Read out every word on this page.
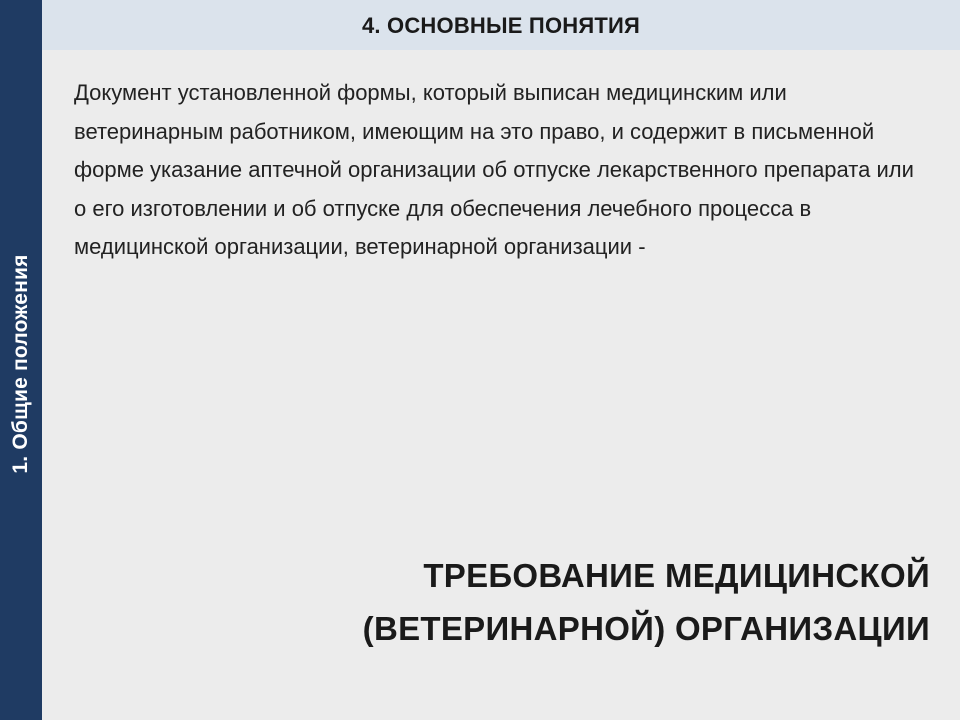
1. Общие положения
4. ОСНОВНЫЕ ПОНЯТИЯ

Документ установленной формы, который выписан медицинским или ветеринарным работником, имеющим на это право, и содержит в письменной форме указание аптечной организации об отпуске лекарственного препарата или о его изготовлении и об отпуске для обеспечения лечебного процесса в медицинской организации, ветеринарной организации -

ТРЕБОВАНИЕ МЕДИЦИНСКОЙ
(ВЕТЕРИНАРНОЙ) ОРГАНИЗАЦИИ
